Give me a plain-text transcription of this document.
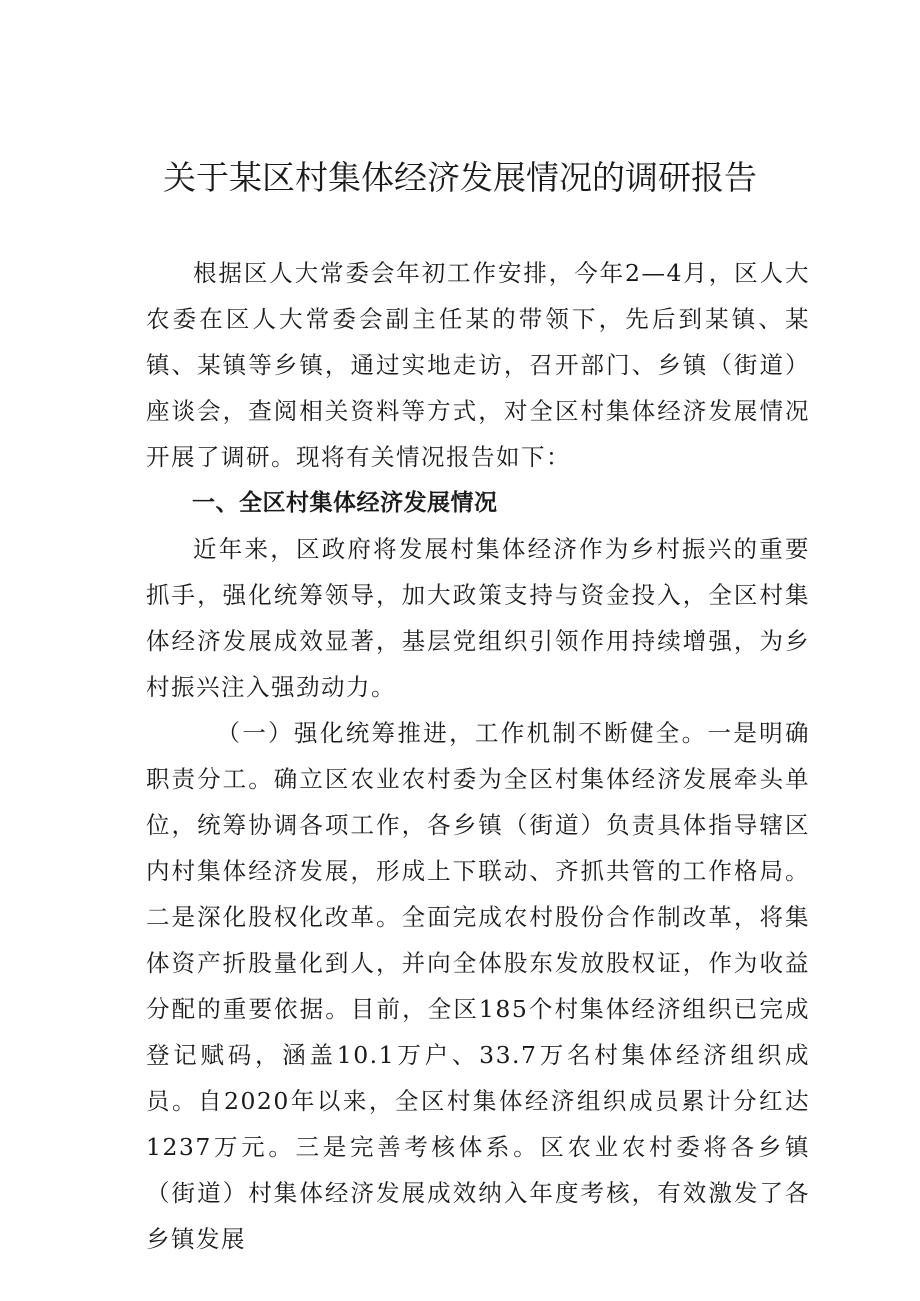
关于某区村集体经济发展情况的调研报告

根据区人大常委会年初工作安排，今年2—4月，区人大农委在区人大常委会副主任某的带领下，先后到某镇、某镇、某镇等乡镇，通过实地走访，召开部门、乡镇（街道）座谈会，查阅相关资料等方式，对全区村集体经济发展情况开展了调研。现将有关情况报告如下：

一、全区村集体经济发展情况

近年来，区政府将发展村集体经济作为乡村振兴的重要抓手，强化统筹领导，加大政策支持与资金投入，全区村集体经济发展成效显著，基层党组织引领作用持续增强，为乡村振兴注入强劲动力。

（一）强化统筹推进，工作机制不断健全。一是明确职责分工。确立区农业农村委为全区村集体经济发展牵头单位，统筹协调各项工作，各乡镇（街道）负责具体指导辖区内村集体经济发展，形成上下联动、齐抓共管的工作格局。二是深化股权化改革。全面完成农村股份合作制改革，将集体资产折股量化到人，并向全体股东发放股权证，作为收益分配的重要依据。目前，全区185个村集体经济组织已完成登记赋码，涵盖10.1万户、33.7万名村集体经济组织成员。自2020年以来，全区村集体经济组织成员累计分红达1237万元。三是完善考核体系。区农业农村委将各乡镇（街道）村集体经济发展成效纳入年度考核，有效激发了各乡镇发展
